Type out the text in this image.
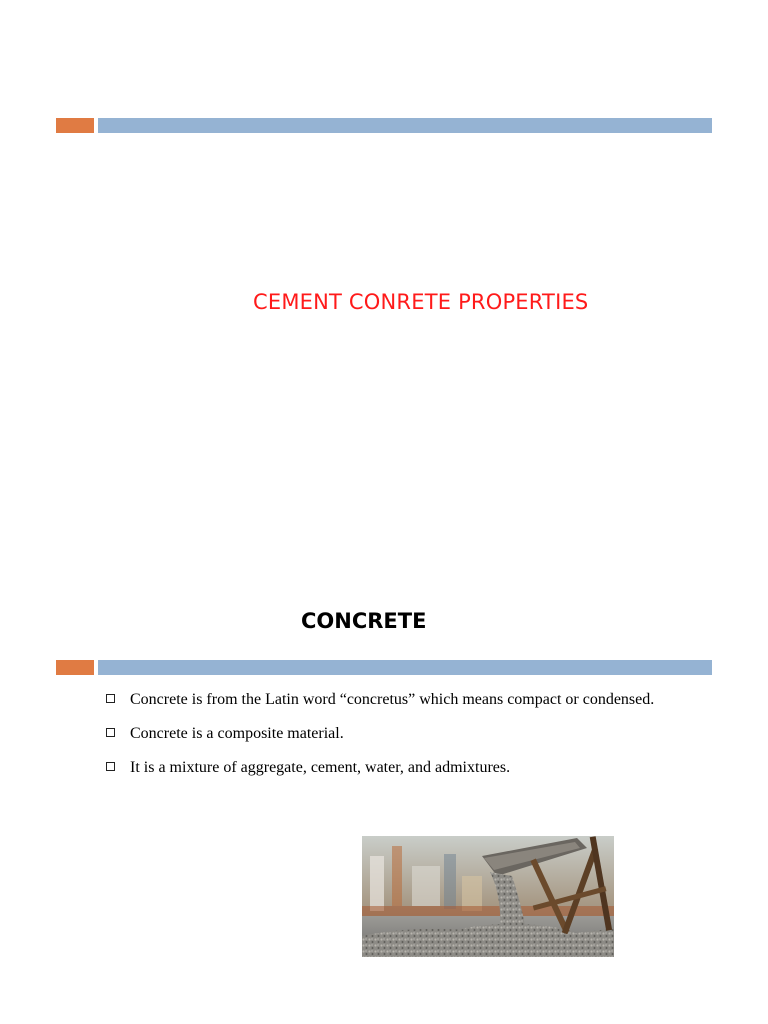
CEMENT CONRETE PROPERTIES
CONCRETE
Concrete is from the Latin word “concretus” which means compact or condensed.
Concrete is a composite material.
It is a mixture of aggregate, cement, water, and admixtures.
